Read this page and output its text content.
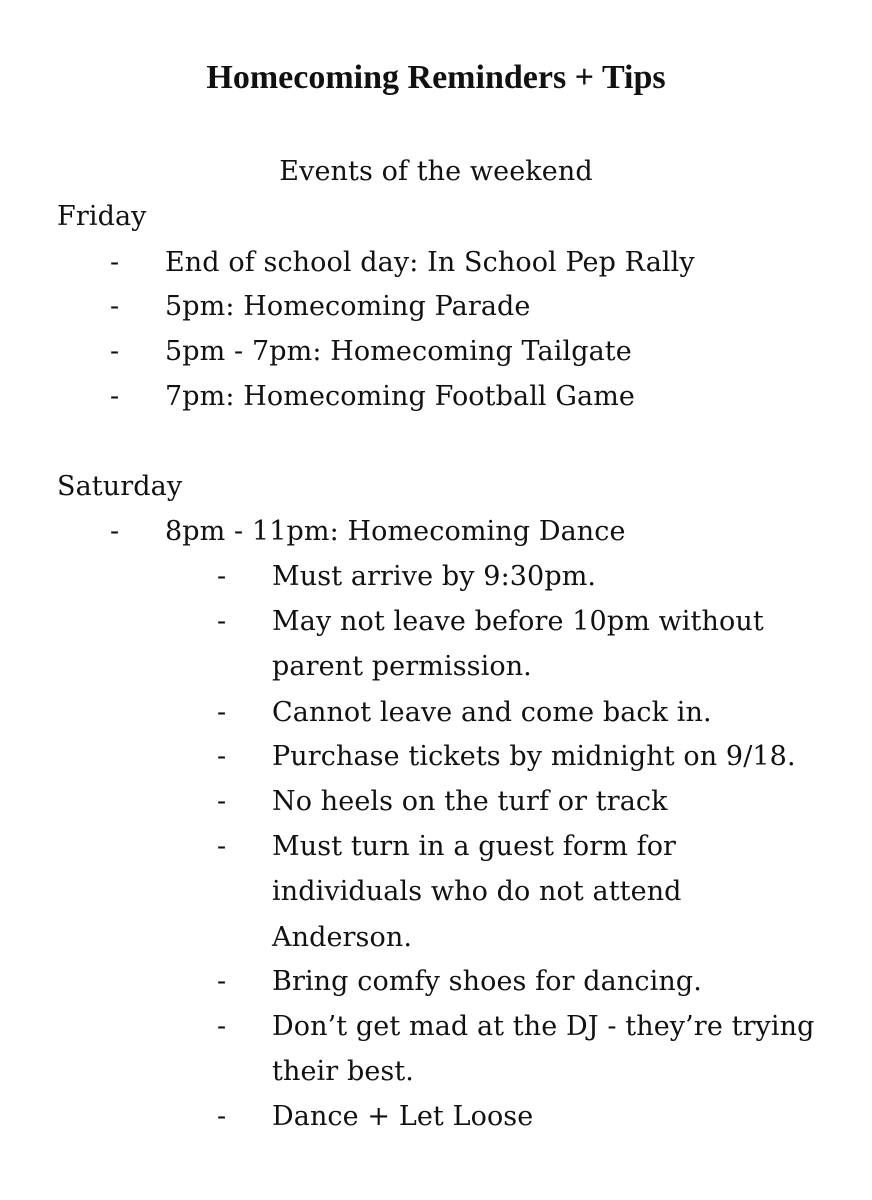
Homecoming Reminders + Tips
Events of the weekend
Friday
- End of school day: In School Pep Rally
- 5pm: Homecoming Parade
- 5pm - 7pm: Homecoming Tailgate
- 7pm: Homecoming Football Game
Saturday
- 8pm - 11pm: Homecoming Dance
- Must arrive by 9:30pm.
- May not leave before 10pm without
parent permission.
- Cannot leave and come back in.
- Purchase tickets by midnight on 9/18.
- No heels on the turf or track
- Must turn in a guest form for
individuals who do not attend
Anderson.
- Bring comfy shoes for dancing.
- Don’t get mad at the DJ - they’re trying
their best.
- Dance + Let Loose
